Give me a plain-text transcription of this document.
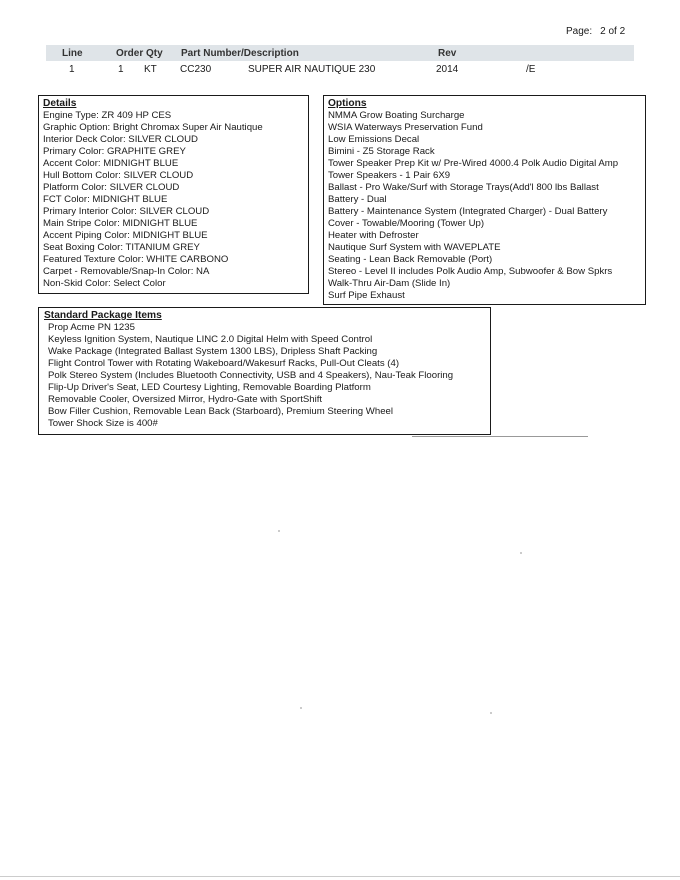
Page: 2 of 2
Line	Order Qty Part Number/Description	Rev
1	1 KT CC230	SUPER AIR NAUTIQUE 230	2014	/E
Details
Engine Type: ZR 409 HP CES
Graphic Option: Bright Chromax Super Air Nautique
Interior Deck Color: SILVER CLOUD
Primary Color: GRAPHITE GREY
Accent Color: MIDNIGHT BLUE
Hull Bottom Color: SILVER CLOUD
Platform Color: SILVER CLOUD
FCT Color: MIDNIGHT BLUE
Primary Interior Color: SILVER CLOUD
Main Stripe Color: MIDNIGHT BLUE
Accent Piping Color: MIDNIGHT BLUE
Seat Boxing Color: TITANIUM GREY
Featured Texture Color: WHITE CARBONO
Carpet - Removable/Snap-In Color: NA
Non-Skid Color: Select Color
Options
NMMA Grow Boating Surcharge
WSIA Waterways Preservation Fund
Low Emissions Decal
Bimini - Z5 Storage Rack
Tower Speaker Prep Kit w/ Pre-Wired 4000.4 Polk Audio Digital Amp
Tower Speakers - 1 Pair 6X9
Ballast - Pro Wake/Surf with Storage Trays(Add'l 800 lbs Ballast
Battery - Dual
Battery - Maintenance System (Integrated Charger) - Dual Battery
Cover - Towable/Mooring (Tower Up)
Heater with Defroster
Nautique Surf System with WAVEPLATE
Seating - Lean Back Removable (Port)
Stereo - Level II includes Polk Audio Amp, Subwoofer & Bow Spkrs
Walk-Thru Air-Dam (Slide In)
Surf Pipe Exhaust
Standard Package Items
Prop Acme PN 1235
Keyless Ignition System, Nautique LINC 2.0 Digital Helm with Speed Control
Wake Package (Integrated Ballast System 1300 LBS), Dripless Shaft Packing
Flight Control Tower with Rotating Wakeboard/Wakesurf Racks, Pull-Out Cleats (4)
Polk Stereo System (Includes Bluetooth Connectivity, USB and 4 Speakers), Nau-Teak Flooring
Flip-Up Driver's Seat, LED Courtesy Lighting, Removable Boarding Platform
Removable Cooler, Oversized Mirror, Hydro-Gate with SportShift
Bow Filler Cushion, Removable Lean Back (Starboard), Premium Steering Wheel
Tower Shock Size is 400#
